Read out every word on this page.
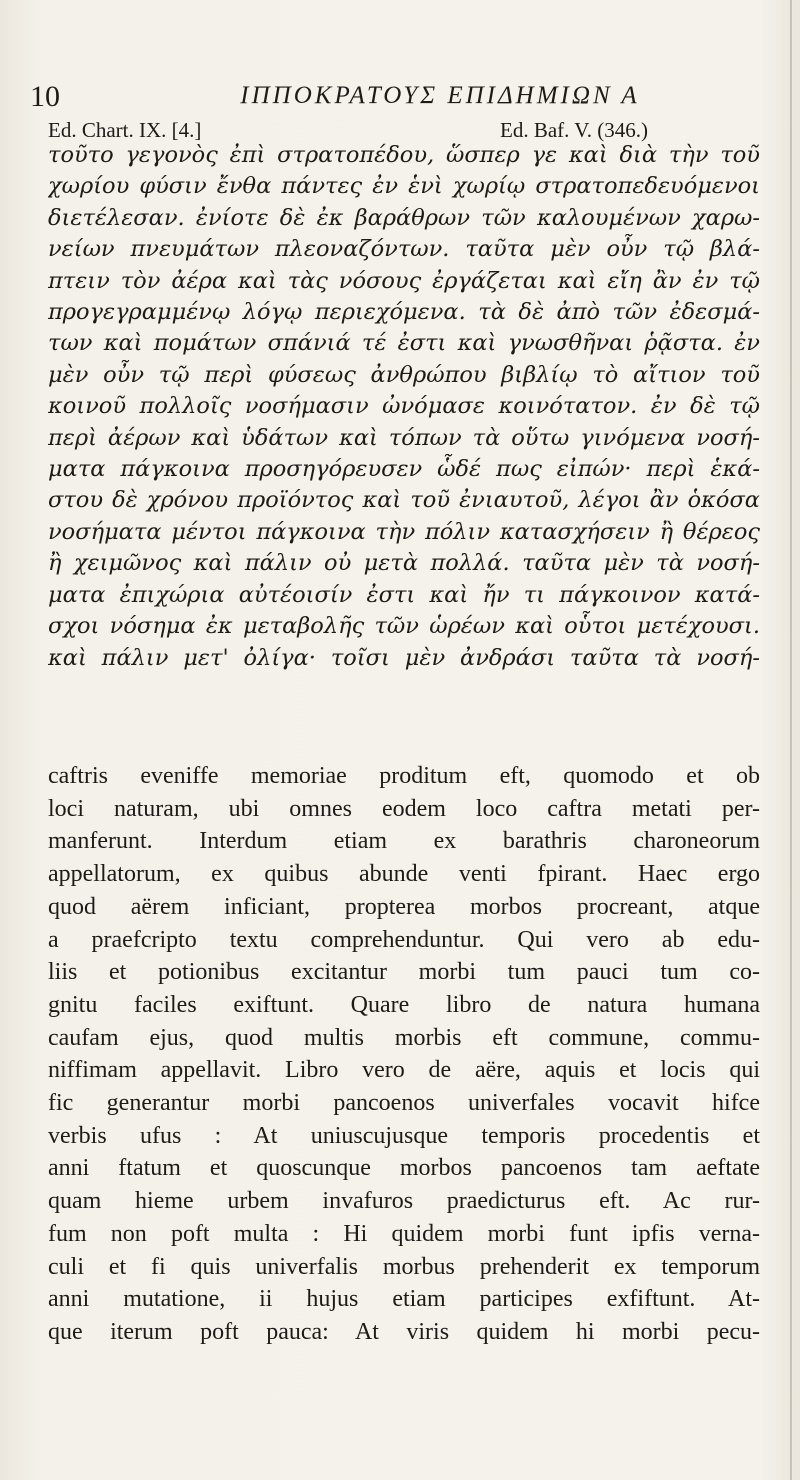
10	ΙΠΠΟΚΡΑΤΟΥΣ ΕΠΙΔΗΜΙΩΝ Α
Ed. Chart. IX. [4.]	Ed. Baf. V. (346.)
τοῦτο γεγονὸς ἐπὶ στρατοπέδου, ὥσπερ γε καὶ διὰ τὴν τοῦ
χωρίου φύσιν ἔνθα πάντες ἐν ἑνὶ χωρίῳ στρατοπεδευόμενοι
διετέλεσαν. ἐνίοτε δὲ ἐκ βαράθρων τῶν καλουμένων χαρω-
νείων πνευμάτων πλεοναζόντων. ταῦτα μὲν οὖν τῷ βλά-
πτειν τὸν ἀέρα καὶ τὰς νόσους ἐργάζεται καὶ εἴη ἂν ἐν τῷ
προγεγραμμένῳ λόγῳ περιεχόμενα. τὰ δὲ ἀπὸ τῶν ἐδεσμά-
των καὶ πομάτων σπάνιά τέ ἐστι καὶ γνωσθῆναι ῥᾷστα. ἐν
μὲν οὖν τῷ περὶ φύσεως ἀνθρώπου βιβλίῳ τὸ αἴτιον τοῦ
κοινοῦ πολλοῖς νοσήμασιν ὠνόμασε κοινότατον. ἐν δὲ τῷ
περὶ ἀέρων καὶ ὑδάτων καὶ τόπων τὰ οὕτω γινόμενα νοσή-
ματα πάγκοινα προσηγόρευσεν ὧδέ πως εἰπών· περὶ ἑκά-
στου δὲ χρόνου προϊόντος καὶ τοῦ ἐνιαυτοῦ, λέγοι ἂν ὁκόσα
νοσήματα μέντοι πάγκοινα τὴν πόλιν κατασχήσειν ἢ θέρεος
ἢ χειμῶνος καὶ πάλιν οὐ μετὰ πολλά. ταῦτα μὲν τὰ νοσή-
ματα ἐπιχώρια αὐτέοισίν ἐστι καὶ ἤν τι πάγκοινον κατά-
σχοι νόσημα ἐκ μεταβολῆς τῶν ὡρέων καὶ οὗτοι μετέχουσι.
καὶ πάλιν μετ' ὀλίγα· τοῖσι μὲν ἀνδράσι ταῦτα τὰ νοσή-
caftris eveniffe memoriae proditum eft, quomodo et ob
loci naturam, ubi omnes eodem loco caftra metati per-
manferunt. Interdum etiam ex barathris charoneorum
appellatorum, ex quibus abunde venti fpirant. Haec ergo
quod aërem inficiant, propterea morbos procreant, atque
a praefcripto textu comprehenduntur. Qui vero ab edu-
liis et potionibus excitantur morbi tum pauci tum co-
gnitu faciles exiftunt. Quare libro de natura humana
caufam ejus, quod multis morbis eft commune, commu-
niffimam appellavit. Libro vero de aëre, aquis et locis qui
fic generantur morbi pancoenos univerfales vocavit hifce
verbis ufus : At uniuscujusque temporis procedentis et
anni ftatum et quoscunque morbos pancoenos tam aeftate
quam hieme urbem invafuros praedicturus eft. Ac rur-
fum non poft multa : Hi quidem morbi funt ipfis verna-
culi et fi quis univerfalis morbus prehenderit ex temporum
anni mutatione, ii hujus etiam participes exfiftunt. At-
que iterum poft pauca: At viris quidem hi morbi pecu-
